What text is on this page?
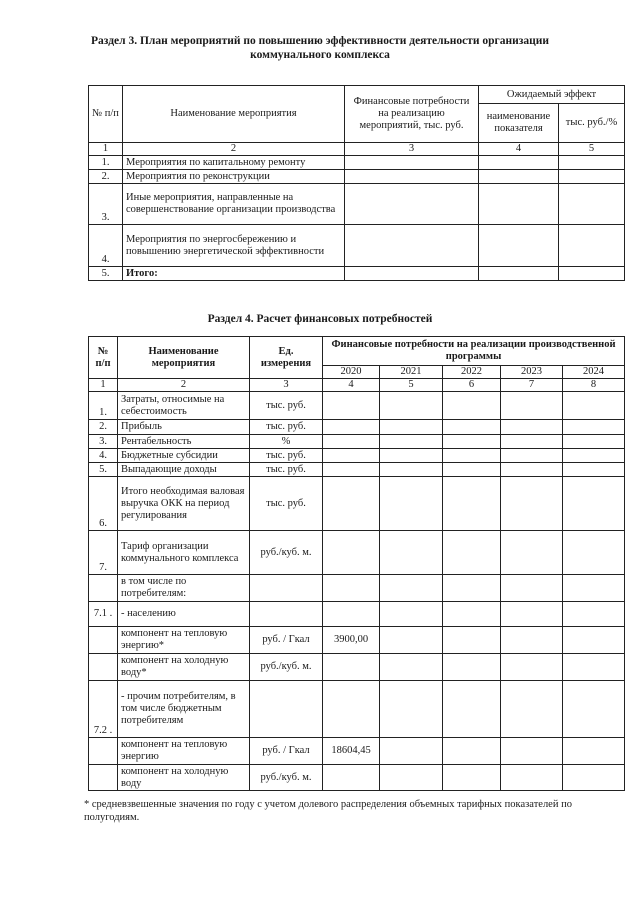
Раздел 3. План мероприятий по повышению эффективности деятельности организации
коммунального комплекса
№ п/п	Наименование мероприятия	Финансовые потребности на реализацию мероприятий, тыс. руб.	Ожидаемый эффект	
			наименование показателя	тыс. руб./%
1	2	3	4	5
1.	Мероприятия по капитальному ремонту			
2.	Мероприятия по реконструкции			
3.	Иные мероприятия, направленные на совершенствование организации производства			
4.	Мероприятия по энергосбережению и повышению энергетической эффективности			
5.	Итого:			
Раздел 4. Расчет финансовых потребностей
№ п/п	Наименование мероприятия	Ед. измерения	Финансовые потребности на реализации производственной программы				
			2020	2021	2022	2023	2024
1	2	3	4	5	6	7	8
1.	Затраты, относимые на себестоимость	тыс. руб.					
2.	Прибыль	тыс. руб.					
3.	Рентабельность	%					
4.	Бюджетные субсидии	тыс. руб.					
5.	Выпадающие доходы	тыс. руб.					
6.	Итого необходимая валовая выручка ОКК на период регулирования	тыс. руб.					
7.	Тариф организации коммунального комплекса	руб./куб. м.					
	в том числе по потребителям:						
7.1 .	- населению						
	компонент на тепловую энергию*	руб. / Гкал	3900,00				
	компонент на холодную воду*	руб./куб. м.					
7.2 .	- прочим потребителям, в том числе бюджетным потребителям						
	компонент на тепловую энергию	руб. / Гкал	18604,45				
	компонент на холодную воду	руб./куб. м.					
* средневзвешенные значения по году с учетом долевого распределения объемных тарифных показателей по полугодиям.
